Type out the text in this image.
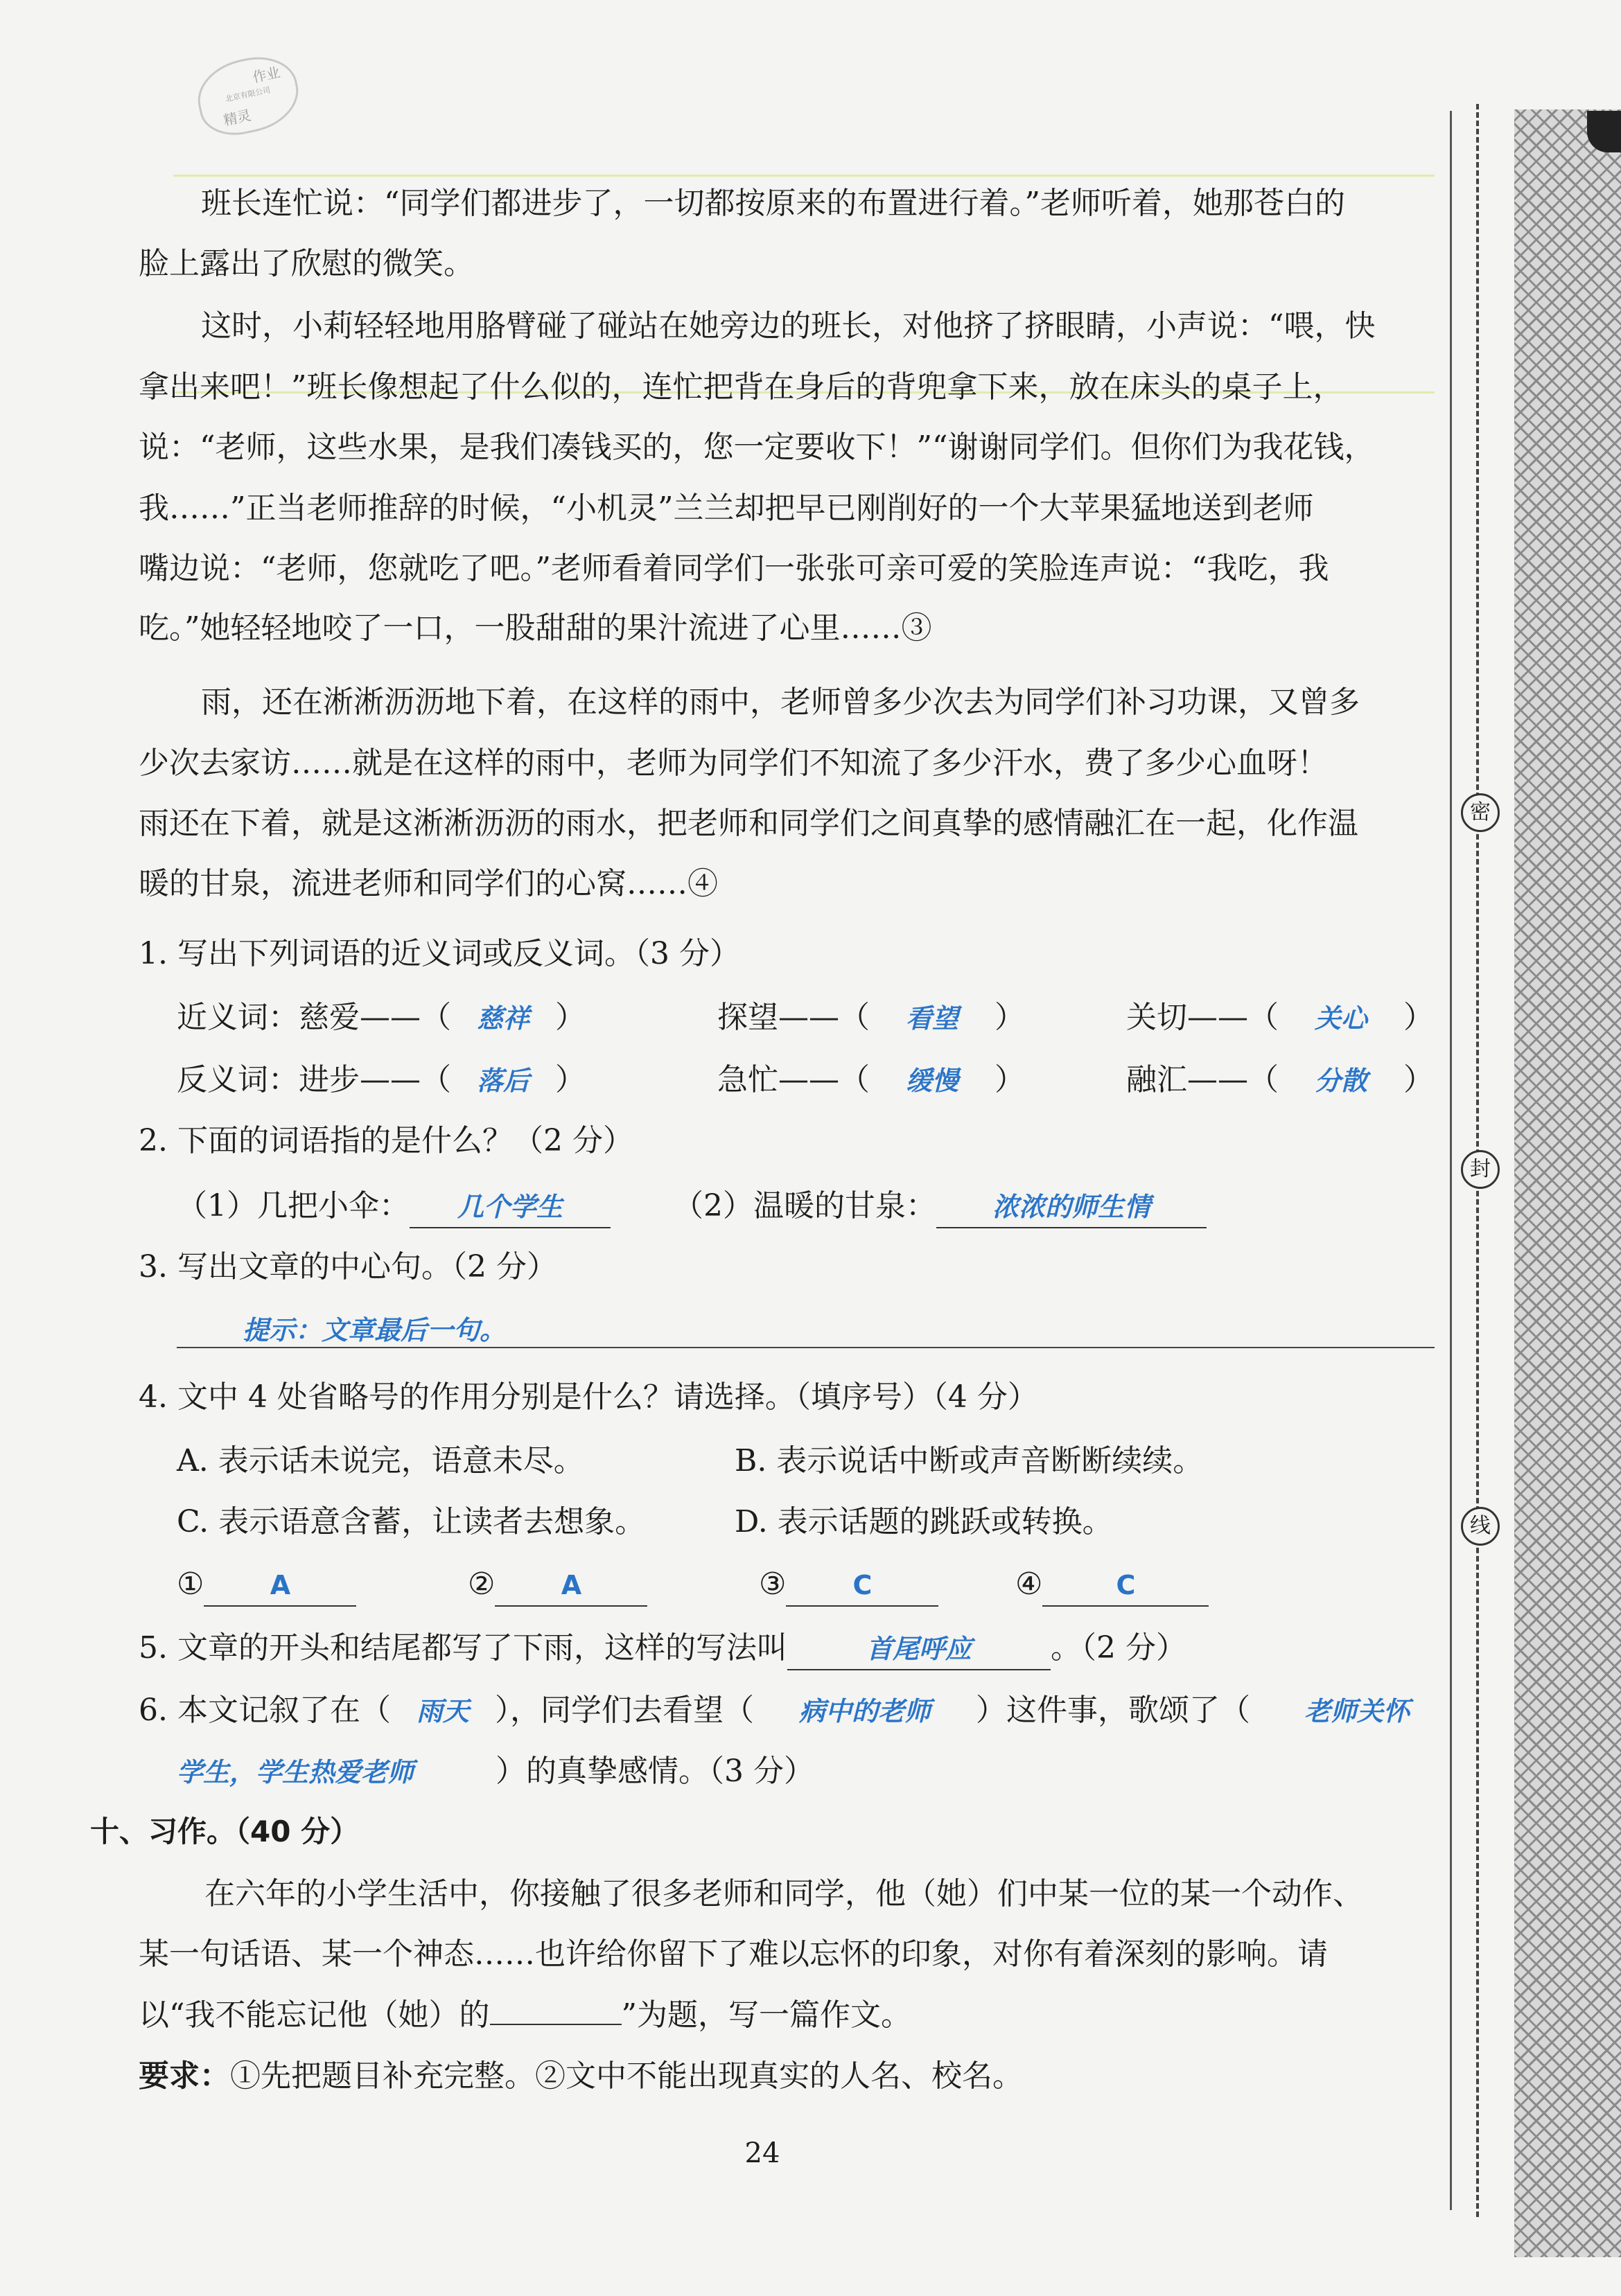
作业
北京有限公司
精灵
班长连忙说：“同学们都进步了，一切都按原来的布置进行着。”老师听着，她那苍白的
脸上露出了欣慰的微笑。
这时，小莉轻轻地用胳臂碰了碰站在她旁边的班长，对他挤了挤眼睛，小声说：“喂，快
拿出来吧！”班长像想起了什么似的，连忙把背在身后的背兜拿下来，放在床头的桌子上，
说：“老师，这些水果，是我们凑钱买的，您一定要收下！”“谢谢同学们。但你们为我花钱，
我……”正当老师推辞的时候，“小机灵”兰兰却把早已刚削好的一个大苹果猛地送到老师
嘴边说：“老师，您就吃了吧。”老师看着同学们一张张可亲可爱的笑脸连声说：“我吃，我
吃。”她轻轻地咬了一口，一股甜甜的果汁流进了心里……③
雨，还在淅淅沥沥地下着，在这样的雨中，老师曾多少次去为同学们补习功课，又曾多
少次去家访……就是在这样的雨中，老师为同学们不知流了多少汗水，费了多少心血呀！
雨还在下着，就是这淅淅沥沥的雨水，把老师和同学们之间真挚的感情融汇在一起，化作温
暖的甘泉，流进老师和同学们的心窝……④
1. 写出下列词语的近义词或反义词。（3 分）
近义词：慈爱——（ 慈祥 ）	探望——（ 看望 ）	关切——（ 关心 ）
反义词：进步——（ 落后 ）	急忙——（ 缓慢 ）	融汇——（ 分散 ）
2. 下面的词语指的是什么？（2 分）
（1）几把小伞： 几个学生	（2）温暖的甘泉： 浓浓的师生情
3. 写出文章的中心句。（2 分）
提示：文章最后一句。
4. 文中 4 处省略号的作用分别是什么？请选择。（填序号）（4 分）
A. 表示话未说完，语意未尽。	B. 表示说话中断或声音断断续续。
C. 表示语意含蓄，让读者去想象。	D. 表示话题的跳跃或转换。
①	A	②	A	③	C	④	C
5. 文章的开头和结尾都写了下雨，这样的写法叫	首尾呼应	。（2 分）
6. 本文记叙了在（ 雨天 ），同学们去看望（ 病中的老师 ）这件事，歌颂了（ 老师关怀
学生，学生热爱老师	）的真挚感情。（3 分）
十、习作。（40 分）
在六年的小学生活中，你接触了很多老师和同学，他（她）们中某一位的某一个动作、
某一句话语、某一个神态……也许给你留下了难以忘怀的印象，对你有着深刻的影响。请
以“我不能忘记他（她）的	”为题，写一篇作文。
要求：①先把题目补充完整。②文中不能出现真实的人名、校名。
24
密
封
线
